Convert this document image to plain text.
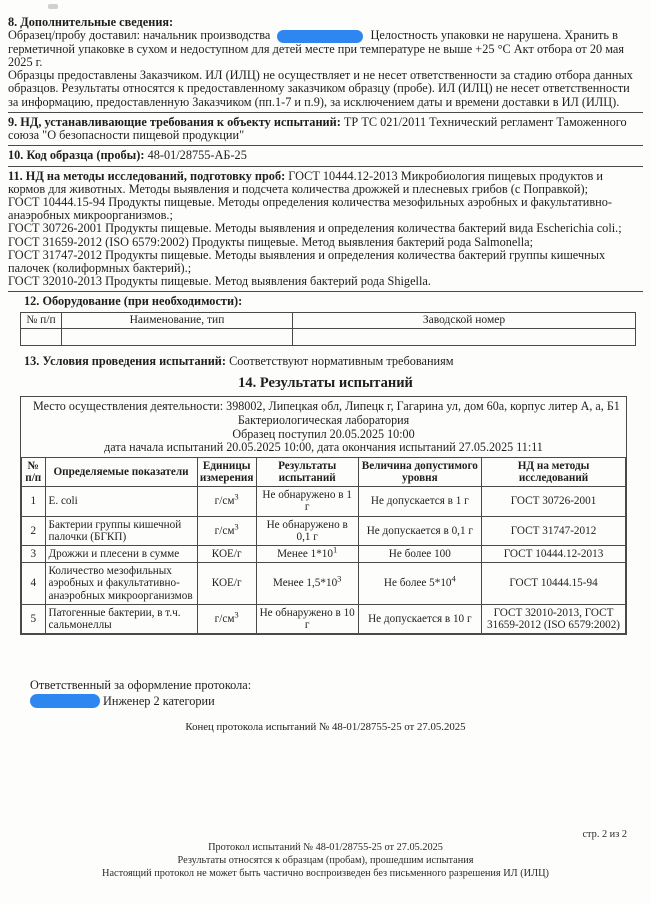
8. Дополнительные сведения:
Образец/пробу доставил: начальник производства	Целостность упаковки не нарушена. Хранить в герметичной упаковке в сухом и недоступном для детей месте при температуре не выше +25 °C Акт отбора от 20 мая 2025 г.
Образцы предоставлены Заказчиком. ИЛ (ИЛЦ) не осуществляет и не несет ответственности за стадию отбора данных образцов. Результаты относятся к предоставленному заказчиком образцу (пробе). ИЛ (ИЛЦ) не несет ответственности за информацию, предоставленную Заказчиком (пп.1-7 и п.9), за исключением даты и времени доставки в ИЛ (ИЛЦ).
9. НД, устанавливающие требования к объекту испытаний: ТР ТС 021/2011 Технический регламент Таможенного союза "О безопасности пищевой продукции"
10. Код образца (пробы): 48-01/28755-АБ-25
11. НД на методы исследований, подготовку проб: ГОСТ 10444.12-2013 Микробиология пищевых продуктов и кормов для животных. Методы выявления и подсчета количества дрожжей и плесневых грибов (с Поправкой);
ГОСТ 10444.15-94 Продукты пищевые. Методы определения количества мезофильных аэробных и факультативно-анаэробных микроорганизмов.;
ГОСТ 30726-2001 Продукты пищевые. Методы выявления и определения количества бактерий вида Escherichia coli.;
ГОСТ 31659-2012 (ISO 6579:2002) Продукты пищевые. Метод выявления бактерий рода Salmonella;
ГОСТ 31747-2012 Продукты пищевые. Методы выявления и определения количества бактерий группы кишечных палочек (колиформных бактерий).;
ГОСТ 32010-2013 Продукты пищевые. Метод выявления бактерий рода Shigella.
12. Оборудование (при необходимости):
№ п/п	Наименование, тип	Заводской номер

13. Условия проведения испытаний: Соответствуют нормативным требованиям
14. Результаты испытаний
Место осуществления деятельности: 398002, Липецкая обл, Липецк г, Гагарина ул, дом 60а, корпус литер А, а, Б1
Бактериологическая лаборатория
Образец поступил 20.05.2025 10:00
дата начала испытаний 20.05.2025 10:00, дата окончания испытаний 27.05.2025 11:11
№ п/п	Определяемые показатели	Единицы измерения	Результаты испытаний	Величина допустимого уровня	НД на методы исследований
1	E. coli	$г/см^3$	Не обнаружено в 1 г	Не допускается в 1 г	ГОСТ 30726-2001
2	Бактерии группы кишечной палочки (БГКП)	$г/см^3$	Не обнаружено в 0,1 г	Не допускается в 0,1 г	ГОСТ 31747-2012
3	Дрожжи и плесени в сумме	КОЕ/г	Менее $1*10^1$	Не более 100	ГОСТ 10444.12-2013
4	Количество мезофильных аэробных и факультативно-анаэробных микроорганизмов	КОЕ/г	Менее $1,5*10^3$	Не более $5*10^4$	ГОСТ 10444.15-94
5	Патогенные бактерии, в т.ч. сальмонеллы	$г/см^3$	Не обнаружено в 10 г	Не допускается в 10 г	ГОСТ 32010-2013, ГОСТ 31659-2012 (ISO 6579:2002)
Ответственный за оформление протокола:
Инженер 2 категории
Конец протокола испытаний № 48-01/28755-25 от 27.05.2025
стр. 2 из 2
Протокол испытаний № 48-01/28755-25 от 27.05.2025
Результаты относятся к образцам (пробам), прошедшим испытания
Настоящий протокол не может быть частично воспроизведен без письменного разрешения ИЛ (ИЛЦ)
